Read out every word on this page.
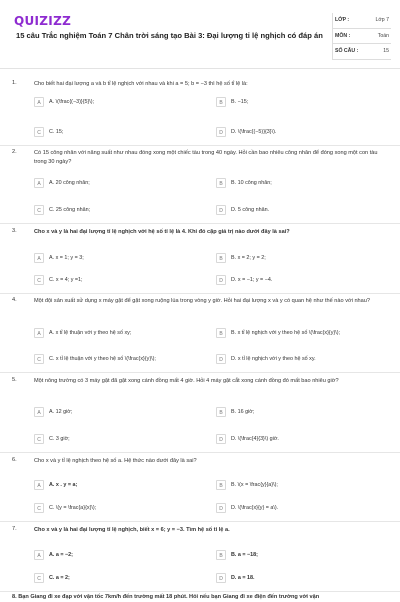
QUIZIZZ
15 câu Trắc nghiệm Toán 7 Chân trời sáng tạo Bài 3: Đại lượng tỉ lệ nghịch có đáp án
LỚP :	Lớp 7
MÔN :	Toán
SỐ CÂU :	15
1.	Cho biết hai đại lượng a và b tỉ lệ nghịch với nhau và khi a = 5; b = −3 thì hệ số tỉ lệ là:
A	A. \(\frac{(−3)}{5}\);	B	B. −15;
C	C. 15;	D	D. \(\frac{(−5)}{3}\).
2.	Có 15 công nhân với năng suất như nhau đóng xong một chiếc tàu trong 40 ngày. Hỏi cần bao nhiêu công nhân để đóng xong một con tàu trong 30 ngày?
A	A. 20 công nhân;	B	B. 10 công nhân;
C	C. 25 công nhân;	D	D. 5 công nhân.
3.	Cho x và y là hai đại lượng tỉ lệ nghịch với hệ số tỉ lệ là 4. Khi đó cặp giá trị nào dưới đây là sai?
A	A. x = 1; y = 3;	B	B. x = 2; y = 2;
C	C. x = 4; y =1;	D	D. x = −1; y = −4.
4.	Một đội sản xuất sử dụng x máy gặt để gặt xong ruộng lúa trong vòng y giờ. Hỏi hai đại lượng x và y có quan hệ như thế nào với nhau?
A	A. x tỉ lệ thuận với y theo hệ số xy;	B	B. x tỉ lệ nghịch với y theo hệ số \(\frac{x}{y}\);
C	C. x tỉ lệ thuận với y theo hệ số \(\frac{x}{y}\);	D	D. x tỉ lệ nghịch với y theo hệ số xy.
5.	Một nông trường có 3 máy gặt đã gặt xong cánh đồng mất 4 giờ. Hỏi 4 máy gặt cắt xong cánh đồng đó mất bao nhiêu giờ?
A	A. 12 giờ;	B	B. 16 giờ;
C	C. 3 giờ;	D	D. \(\frac{4}{3}\) giờ.
6.	Cho x và y tỉ lệ nghịch theo hệ số a. Hệ thức nào dưới đây là sai?
A	A. x . y = a;	B	B. \(x = \frac{y}{a}\);
C	C. \(y = \frac{a}{x}\);	D	D. \(\frac{x}{y} = a\).
7.	Cho x và y là hai đại lượng tỉ lệ nghịch, biết x = 6; y = −3. Tìm hệ số tỉ lệ a.
A	A. a = −2;	B	B. a = −18;
C	C. a = 2;	D	D. a = 18.
8. Bạn Giang đi xe đạp với vận tốc 7km/h đến trường mất 18 phút. Hỏi nếu bạn Giang đi xe điện đến trường với vận
